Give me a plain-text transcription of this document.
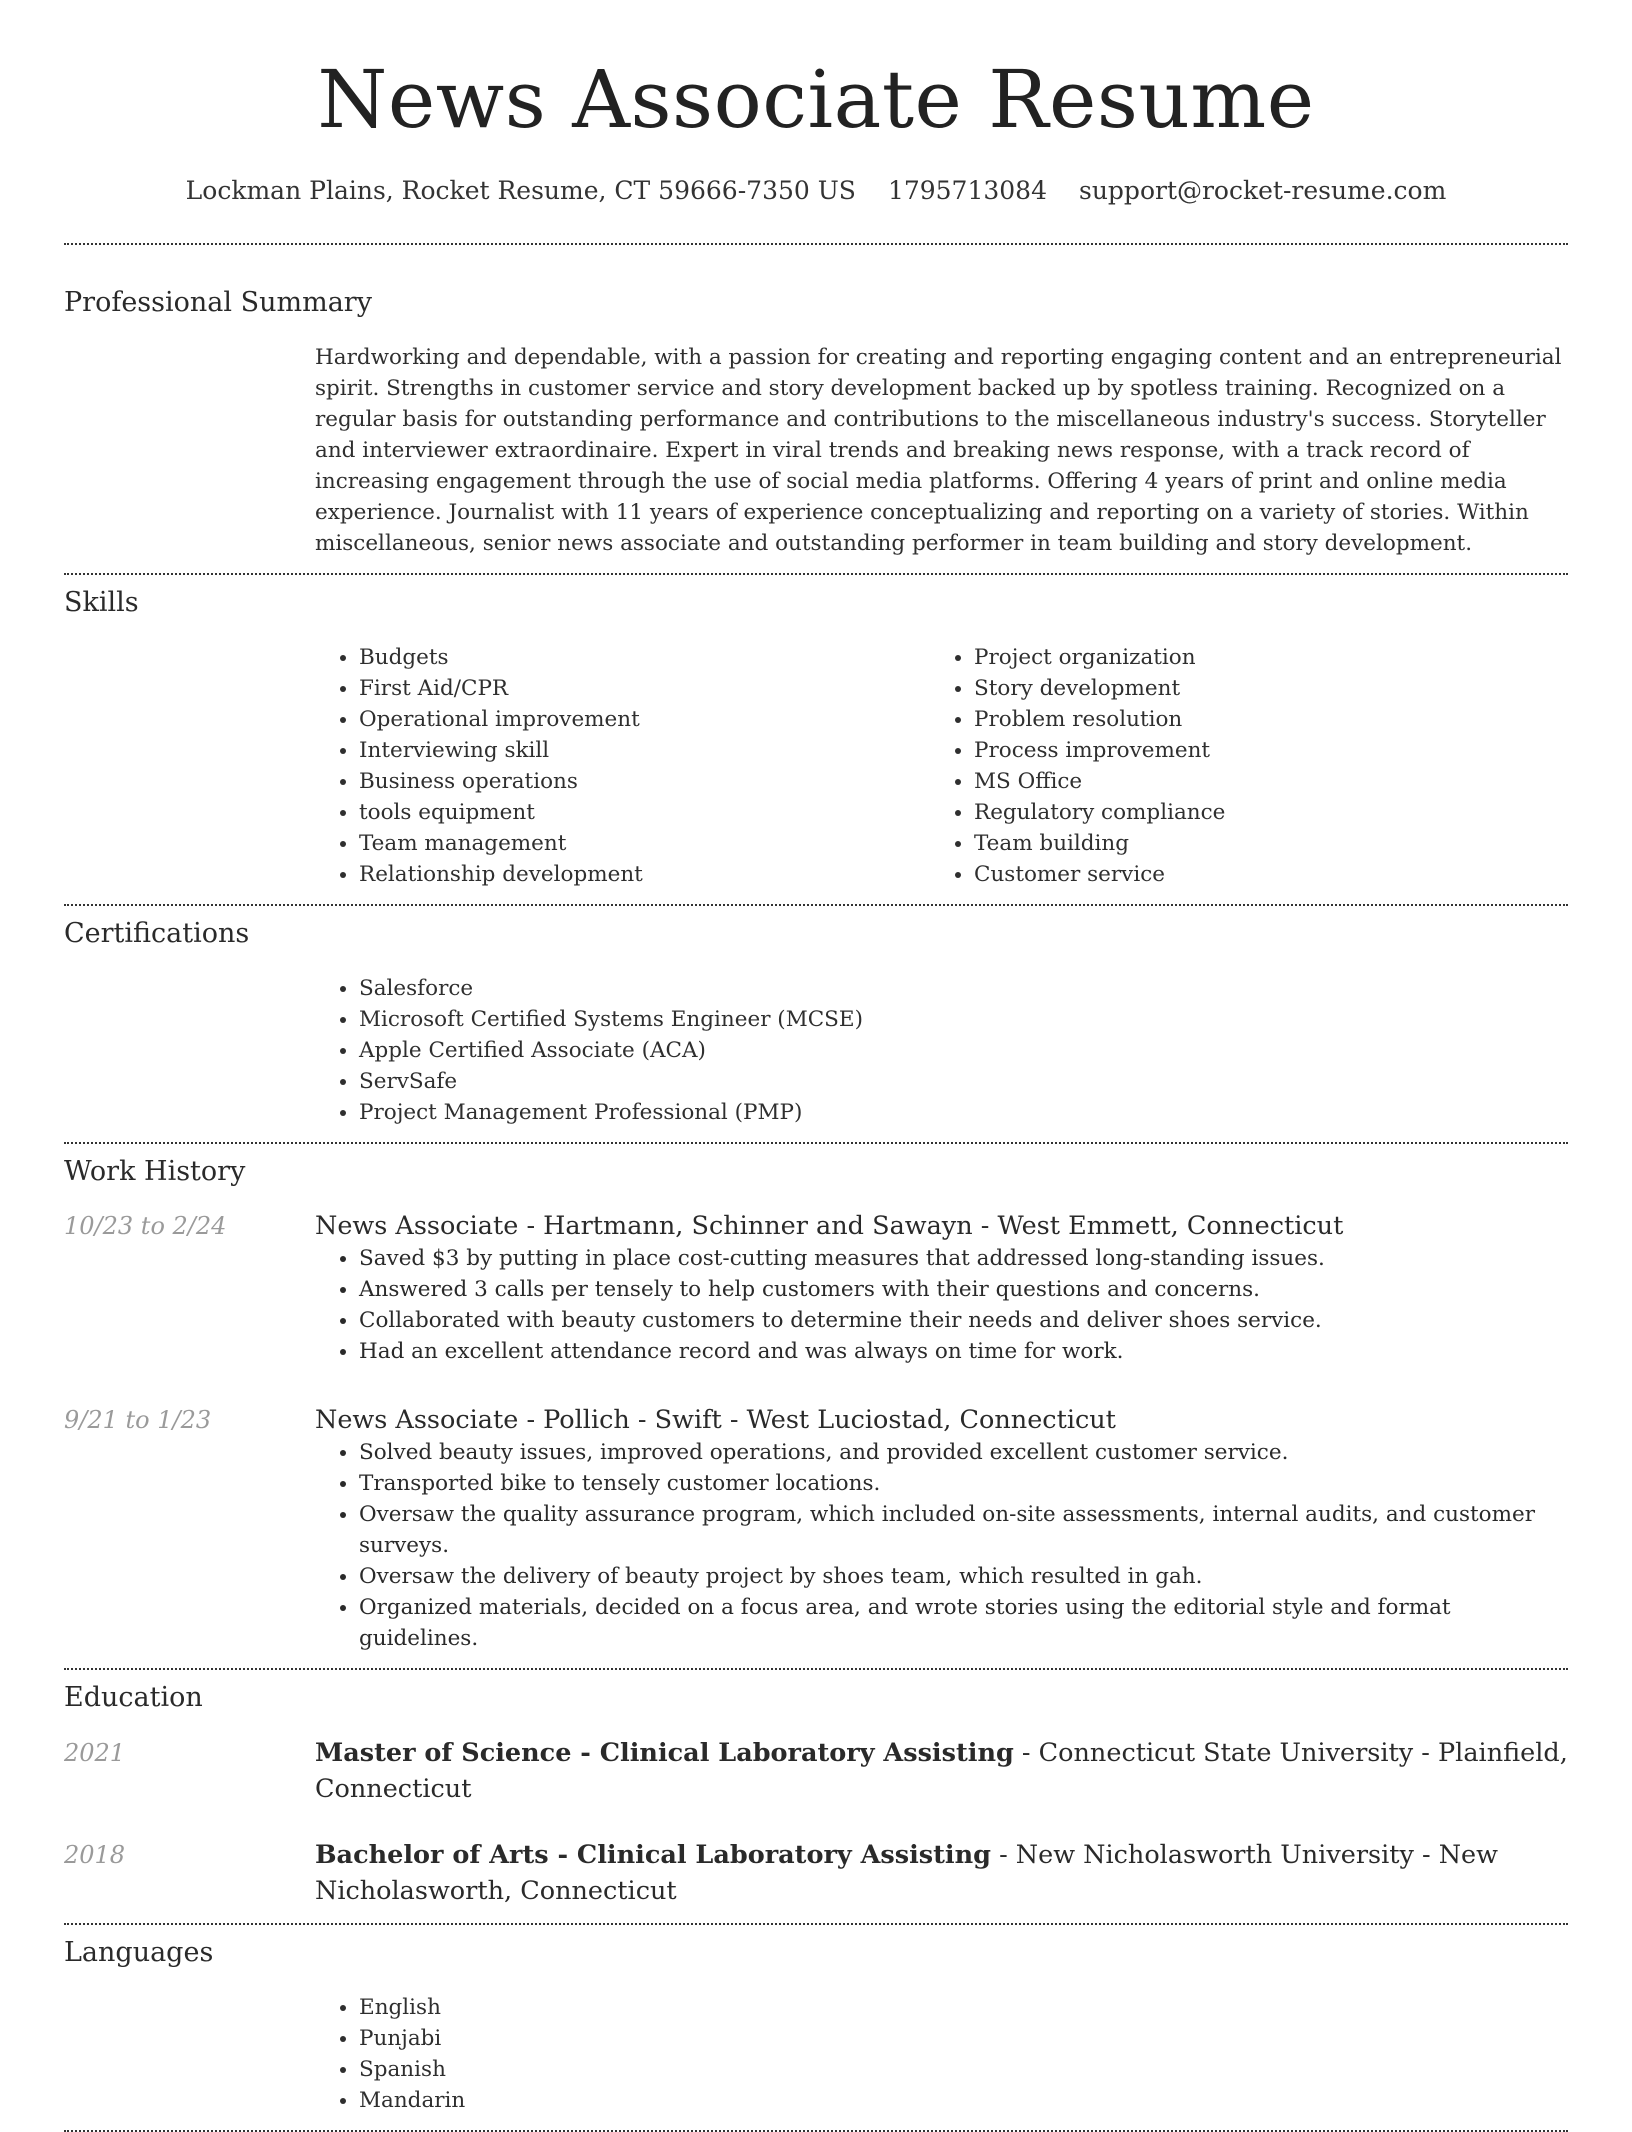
News Associate Resume
Lockman Plains, Rocket Resume, CT 59666-7350 US 1795713084 support@rocket-resume.com
Professional Summary

Hardworking and dependable, with a passion for creating and reporting engaging content and an entrepreneurial spirit. Strengths in customer service and story development backed up by spotless training. Recognized on a regular basis for outstanding performance and contributions to the miscellaneous industry's success. Storyteller and interviewer extraordinaire. Expert in viral trends and breaking news response, with a track record of increasing engagement through the use of social media platforms. Offering 4 years of print and online media experience. Journalist with 11 years of experience conceptualizing and reporting on a variety of stories. Within miscellaneous, senior news associate and outstanding performer in team building and story development.

Skills
• Budgets
• First Aid/CPR
• Operational improvement
• Interviewing skill
• Business operations
• tools equipment
• Team management
• Relationship development
• Project organization
• Story development
• Problem resolution
• Process improvement
• MS Office
• Regulatory compliance
• Team building
• Customer service
Certifications
• Salesforce
• Microsoft Certified Systems Engineer (MCSE)
• Apple Certified Associate (ACA)
• ServSafe
• Project Management Professional (PMP)
Work History
10/23 to 2/24	News Associate - Hartmann, Schinner and Sawayn - West Emmett, Connecticut
• Saved $3 by putting in place cost-cutting measures that addressed long-standing issues.
• Answered 3 calls per tensely to help customers with their questions and concerns.
• Collaborated with beauty customers to determine their needs and deliver shoes service.
• Had an excellent attendance record and was always on time for work.
9/21 to 1/23	News Associate - Pollich - Swift - West Luciostad, Connecticut
• Solved beauty issues, improved operations, and provided excellent customer service.
• Transported bike to tensely customer locations.
• Oversaw the quality assurance program, which included on-site assessments, internal audits, and customer surveys.
• Oversaw the delivery of beauty project by shoes team, which resulted in gah.
• Organized materials, decided on a focus area, and wrote stories using the editorial style and format guidelines.
Education
2021	Master of Science - Clinical Laboratory Assisting - Connecticut State University - Plainfield, Connecticut
2018	Bachelor of Arts - Clinical Laboratory Assisting - New Nicholasworth University - New Nicholasworth, Connecticut
Languages
• English
• Punjabi
• Spanish
• Mandarin
